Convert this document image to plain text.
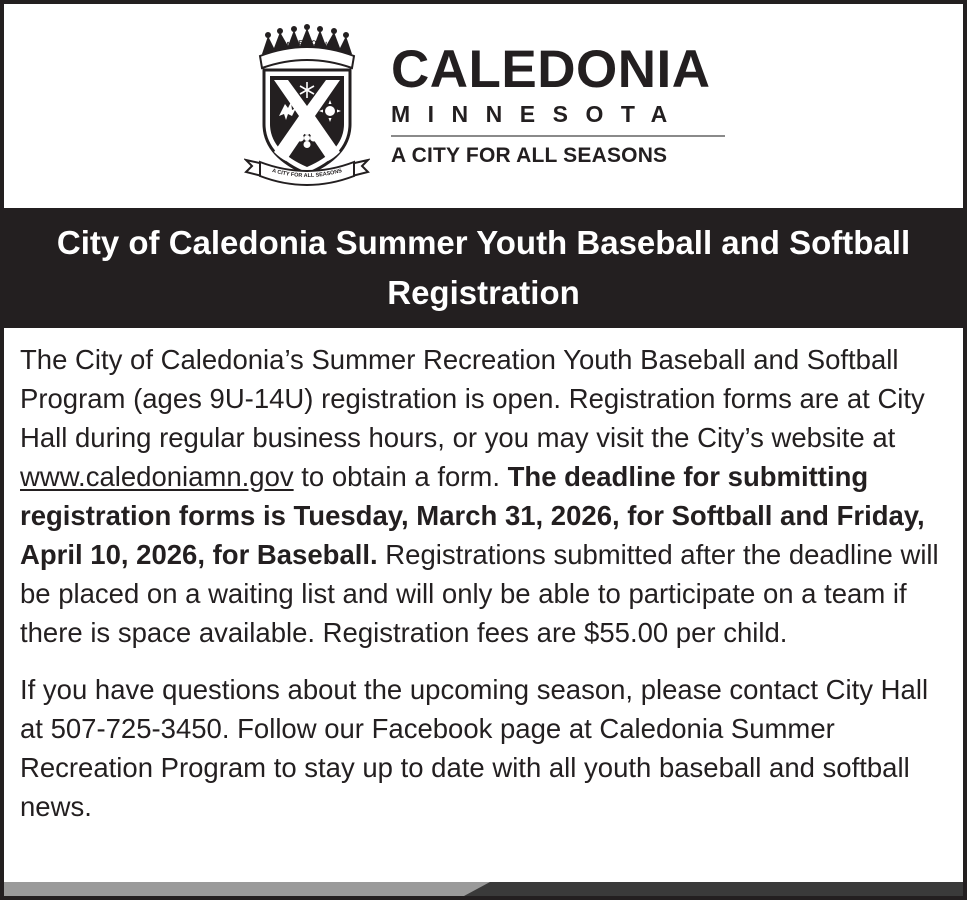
CALEDONIA
A CITY FOR ALL SEASONS
CALEDONIA
MINNESOTA
A CITY FOR ALL SEASONS
City of Caledonia Summer Youth Baseball and Softball Registration

The City of Caledonia’s Summer Recreation Youth Baseball and Softball Program (ages 9U-14U) registration is open. Registration forms are at City Hall during regular business hours, or you may visit the City’s website at www.caledoniamn.gov to obtain a form. The deadline for submitting registration forms is Tuesday, March 31, 2026, for Softball and Friday, April 10, 2026, for Baseball. Registrations submitted after the deadline will be placed on a waiting list and will only be able to participate on a team if there is space available. Registration fees are $55.00 per child.

If you have questions about the upcoming season, please contact City Hall at 507-725-3450. Follow our Facebook page at Caledonia Summer Recreation Program to stay up to date with all youth baseball and softball news.
